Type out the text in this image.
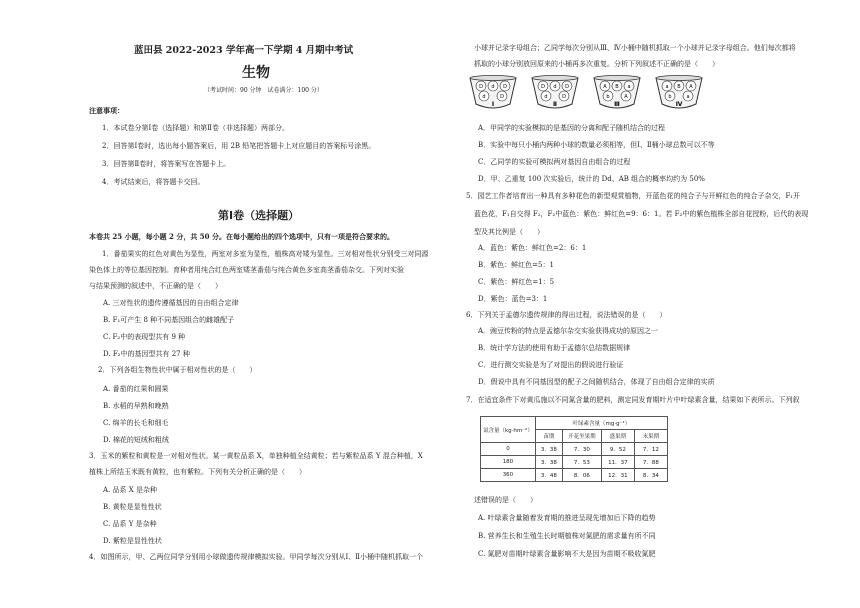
蓝田县 2022-2023 学年高一下学期 4 月期中考试
生物
（考试时间：90 分钟　试卷满分：100 分）
注意事项：
1．本试卷分第Ⅰ卷（选择题）和第Ⅱ卷（非选择题）两部分。
2．回答第Ⅰ卷时，选出每小题答案后，用 2B 铅笔把答题卡上对应题目的答案标号涂黑。
3．回答第Ⅱ卷时，将答案写在答题卡上。
4．考试结束后，将答题卡交回。
第Ⅰ卷（选择题）
本卷共 25 小题，每小题 2 分，共 50 分。在每小题给出的四个选项中，只有一项是符合要求的。
1．番茄果实的红色对黄色为显性，两室对多室为显性，植株高对矮为显性。三对相对性状分别受三对同源
染色体上的等位基因控制。育种者用纯合红色两室矮茎番茄与纯合黄色多室高茎番茄杂交。下列对实验
与结果预测的叙述中，不正确的是（　　）
A. 三对性状的遗传遵循基因的自由组合定律
B. F₁可产生 8 种不同基因组合的雌雄配子
C. F₂中的表现型共有 9 种
D. F₂中的基因型共有 27 种
2．下列各组生物性状中属于相对性状的是（　　）
A. 番茄的红果和圆果
B. 水稻的早熟和晚熟
C. 绵羊的长毛和细毛
D. 棉花的短绒和粗绒
3．玉米的紫粒和黄粒是一对相对性状。某一黄粒品系 X，单独种植全结黄粒；若与紫粒品系 Y 混合种植，X
植株上所结玉米既有黄粒，也有紫粒。下列有关分析正确的是（　　）
A. 品系 X 是杂种
B. 黄粒是显性性状
C. 品系 Y 是杂种
D. 紫粒是显性性状
4．如图所示，甲、乙两位同学分别用小球做遗传规律模拟实验。甲同学每次分别从Ⅰ、Ⅱ小桶中随机抓取一个
小球并记录字母组合；乙同学每次分别从Ⅲ、Ⅳ小桶中随机抓取一个小球并记录字母组合。他们每次都将
抓取的小球分别放回原来的小桶再多次重复。分析下列叙述不正确的是（　　）
D d D
d	D
Ⅰ
D d D
d	D
Ⅱ
A B a
b	A
Ⅲ
a B A
b	a
Ⅳ
A．甲同学的实验模拟的是基因的分离和配子随机结合的过程
B．实验中每只小桶内两种小球的数量必须相等，但Ⅰ、Ⅱ桶小球总数可以不等
C．乙同学的实验可模拟两对基因自由组合的过程
D．甲、乙重复 100 次实验后，统计的 Dd、AB 组合的概率均约为 50%
5．园艺工作者培育出一种具有多种花色的新型观赏植物，开蓝色花的纯合子与开鲜红色的纯合子杂交，F₁开
蓝色花，F₁自交得 F₂，F₂中蓝色：紫色：鲜红色=9：6：1。若 F₂中的紫色植株全部自花授粉，后代的表现
型及其比例是（　　）
A．蓝色：紫色：鲜红色=2：6：1
B．紫色：鲜红色=5：1
C．紫色：鲜红色=1：5
D．紫色：蓝色=3：1
6．下列关于孟德尔遗传规律的得出过程，说法错误的是（　　）
A．豌豆传粉的特点是孟德尔杂交实验获得成功的原因之一
B．统计学方法的使用有助于孟德尔总结数据规律
C．进行测交实验是为了对提出的假说进行验证
D．假说中具有不同基因型的配子之间随机结合，体现了自由组合定律的实质
7．在适宜条件下对黄瓜施以不同氮含量的肥料，测定同发育期叶片中叶绿素含量，结果如下表所示。下列叙
氮含量（kg·hm⁻²）	叶绿素含量（mg·g⁻¹）			
	苗期	开花坐果期	盛果期	末果期
0	3．38	7．30	9．52	7．12
180	3．38	7．53	11．37	7．88
360	3．48	8．06	12．31	8．34
述错误的是（　　）
A. 叶绿素含量随着发育期的推进呈现先增加后下降的趋势
B. 营养生长和生殖生长时期植株对氮肥的需求量有所不同
C. 氮肥对苗期叶绿素含量影响不大是因为苗期不吸收氮肥
